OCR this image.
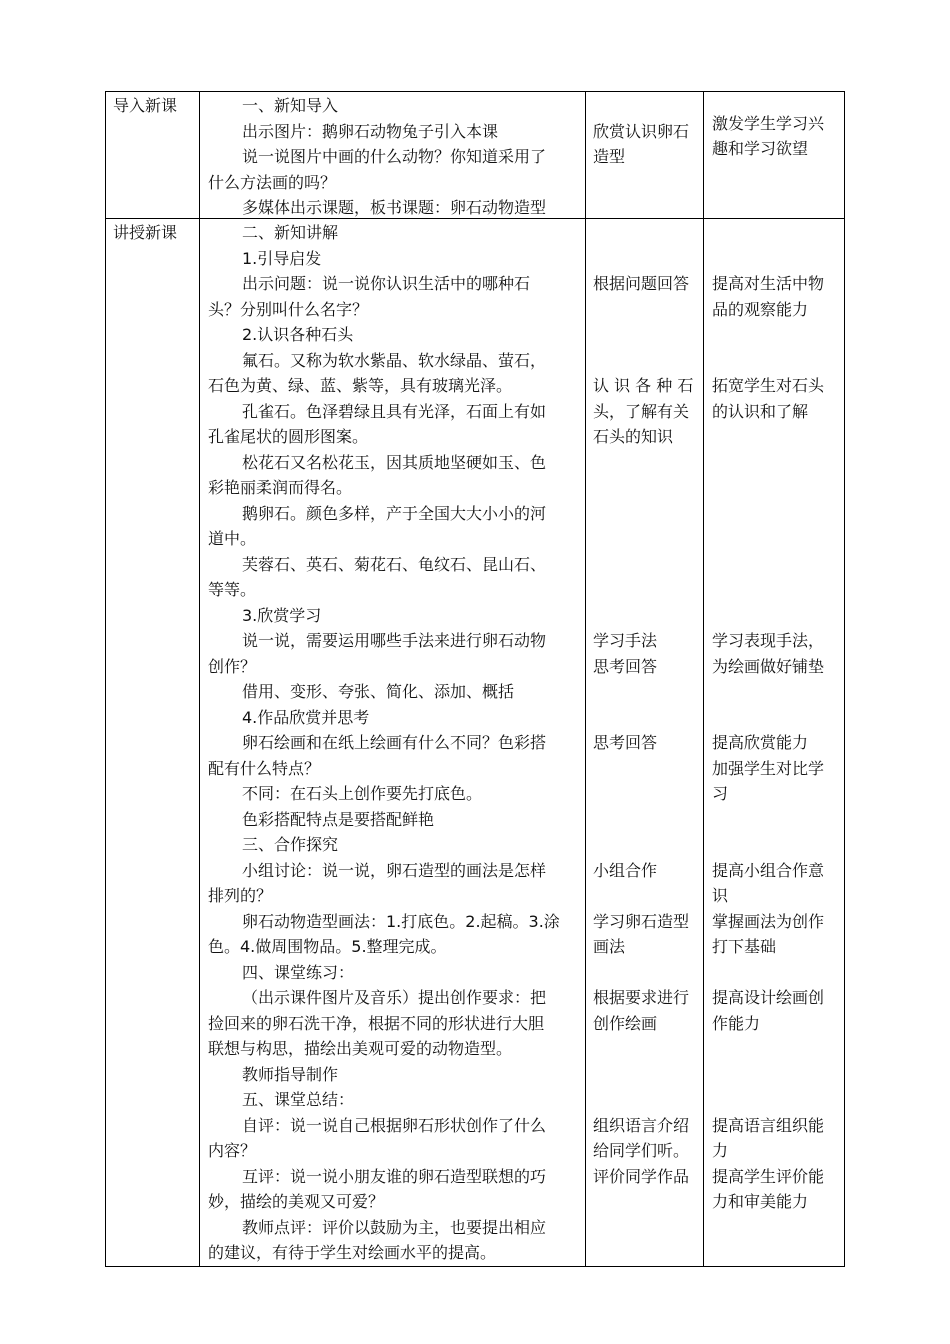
导入新课	一、新知导入
出示图片：鹅卵石动物兔子引入本课
说一说图片中画的什么动物？你知道采用了
什么方法画的吗？
多媒体出示课题，板书课题：卵石动物造型
欣赏认识卵石
造型
激发学生学习兴
趣和学习欲望
讲授新课	二、新知讲解
1.引导启发
出示问题：说一说你认识生活中的哪种石
头？分别叫什么名字？
2.认识各种石头
氟石。又称为软水紫晶、软水绿晶、萤石，
石色为黄、绿、蓝、紫等，具有玻璃光泽。
孔雀石。色泽碧绿且具有光泽，石面上有如
孔雀尾状的圆形图案。
松花石又名松花玉，因其质地坚硬如玉、色
彩艳丽柔润而得名。
鹅卵石。颜色多样，产于全国大大小小的河
道中。
芙蓉石、英石、菊花石、龟纹石、昆山石、
等等。
3.欣赏学习
说一说，需要运用哪些手法来进行卵石动物
创作？
借用、变形、夸张、简化、添加、概括
4.作品欣赏并思考
卵石绘画和在纸上绘画有什么不同？色彩搭
配有什么特点？
不同：在石头上创作要先打底色。
色彩搭配特点是要搭配鲜艳
三、合作探究
小组讨论：说一说，卵石造型的画法是怎样
排列的？
卵石动物造型画法：1.打底色。2.起稿。3.涂
色。4.做周围物品。5.整理完成。
四、课堂练习：
（出示课件图片及音乐）提出创作要求：把
捡回来的卵石洗干净，根据不同的形状进行大胆
联想与构思，描绘出美观可爱的动物造型。
教师指导制作
五、课堂总结：
自评：说一说自己根据卵石形状创作了什么
内容？
互评：说一说小朋友谁的卵石造型联想的巧
妙，描绘的美观又可爱？
教师点评：评价以鼓励为主，也要提出相应
的建议，有待于学生对绘画水平的提高。
根据问题回答
认 识 各 种 石
头，了解有关
石头的知识
学习手法
思考回答
思考回答
小组合作
学习卵石造型
画法
根据要求进行
创作绘画
组织语言介绍
给同学们听。
评价同学作品
提高对生活中物
品的观察能力
拓宽学生对石头
的认识和了解
学习表现手法，
为绘画做好铺垫
提高欣赏能力
加强学生对比学
习
提高小组合作意
识
掌握画法为创作
打下基础
提高设计绘画创
作能力
提高语言组织能
力
提高学生评价能
力和审美能力
